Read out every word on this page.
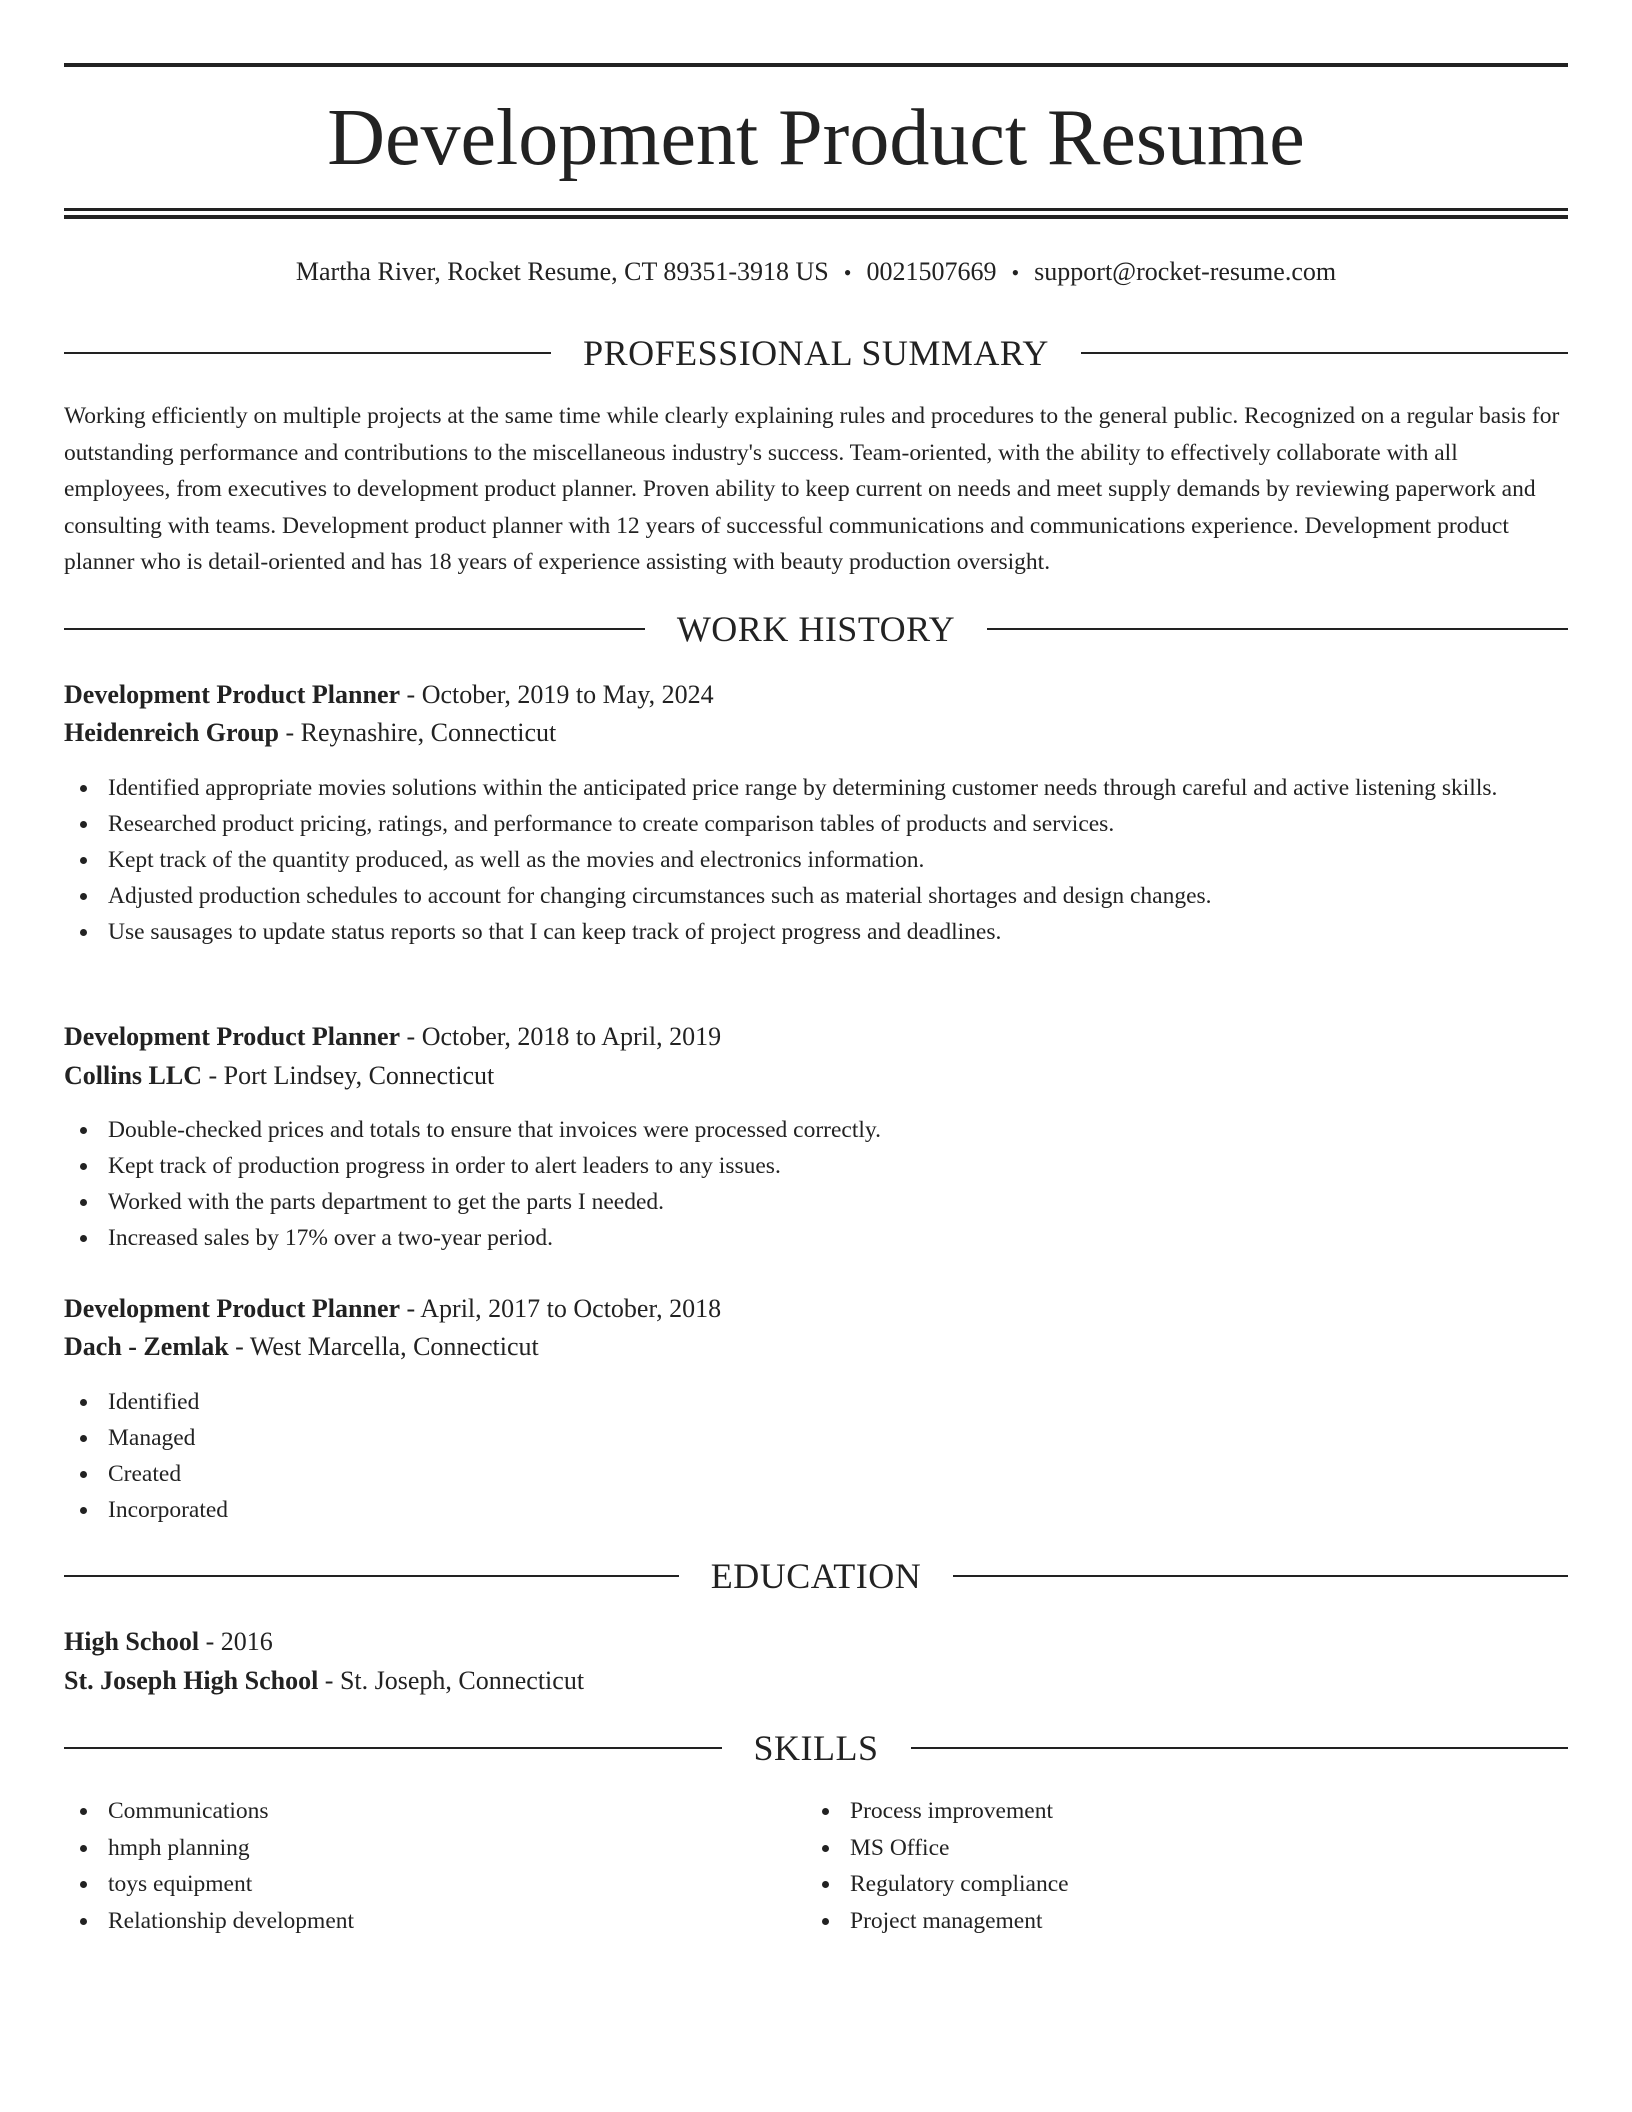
Development Product Resume
Martha River, Rocket Resume, CT 89351-3918 US • 0021507669 • support@rocket-resume.com
PROFESSIONAL SUMMARY

Working efficiently on multiple projects at the same time while clearly explaining rules and procedures to the general public. Recognized on a regular basis for outstanding performance and contributions to the miscellaneous industry's success. Team-oriented, with the ability to effectively collaborate with all employees, from executives to development product planner. Proven ability to keep current on needs and meet supply demands by reviewing paperwork and consulting with teams. Development product planner with 12 years of successful communications and communications experience. Development product planner who is detail-oriented and has 18 years of experience assisting with beauty production oversight.

WORK HISTORY
Development Product Planner - October, 2019 to May, 2024
Heidenreich Group - Reynashire, Connecticut
Identified appropriate movies solutions within the anticipated price range by determining customer needs through careful and active listening skills.
Researched product pricing, ratings, and performance to create comparison tables of products and services.
Kept track of the quantity produced, as well as the movies and electronics information.
Adjusted production schedules to account for changing circumstances such as material shortages and design changes.
Use sausages to update status reports so that I can keep track of project progress and deadlines.
Development Product Planner - October, 2018 to April, 2019
Collins LLC - Port Lindsey, Connecticut
Double-checked prices and totals to ensure that invoices were processed correctly.
Kept track of production progress in order to alert leaders to any issues.
Worked with the parts department to get the parts I needed.
Increased sales by 17% over a two-year period.
Development Product Planner - April, 2017 to October, 2018
Dach - Zemlak - West Marcella, Connecticut
Identified
Managed
Created
Incorporated
EDUCATION
High School - 2016
St. Joseph High School - St. Joseph, Connecticut
SKILLS
Communications
hmph planning
toys equipment
Relationship development
Process improvement
MS Office
Regulatory compliance
Project management
